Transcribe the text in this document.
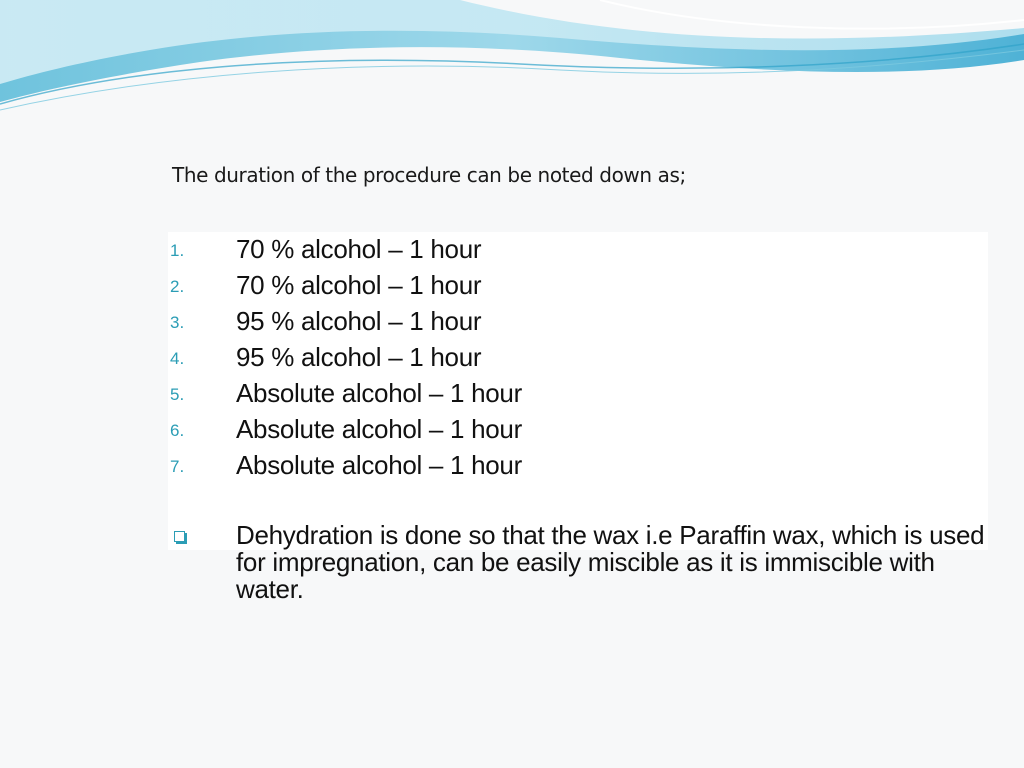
The duration of the procedure can be noted down as;
1. 70 % alcohol – 1 hour
2. 70 % alcohol – 1 hour
3. 95 % alcohol – 1 hour
4. 95 % alcohol – 1 hour
5. Absolute alcohol – 1 hour
6. Absolute alcohol – 1 hour
7. Absolute alcohol – 1 hour
Dehydration is done so that the wax i.e Paraffin wax, which is used for impregnation, can be easily miscible as it is immiscible with water.
